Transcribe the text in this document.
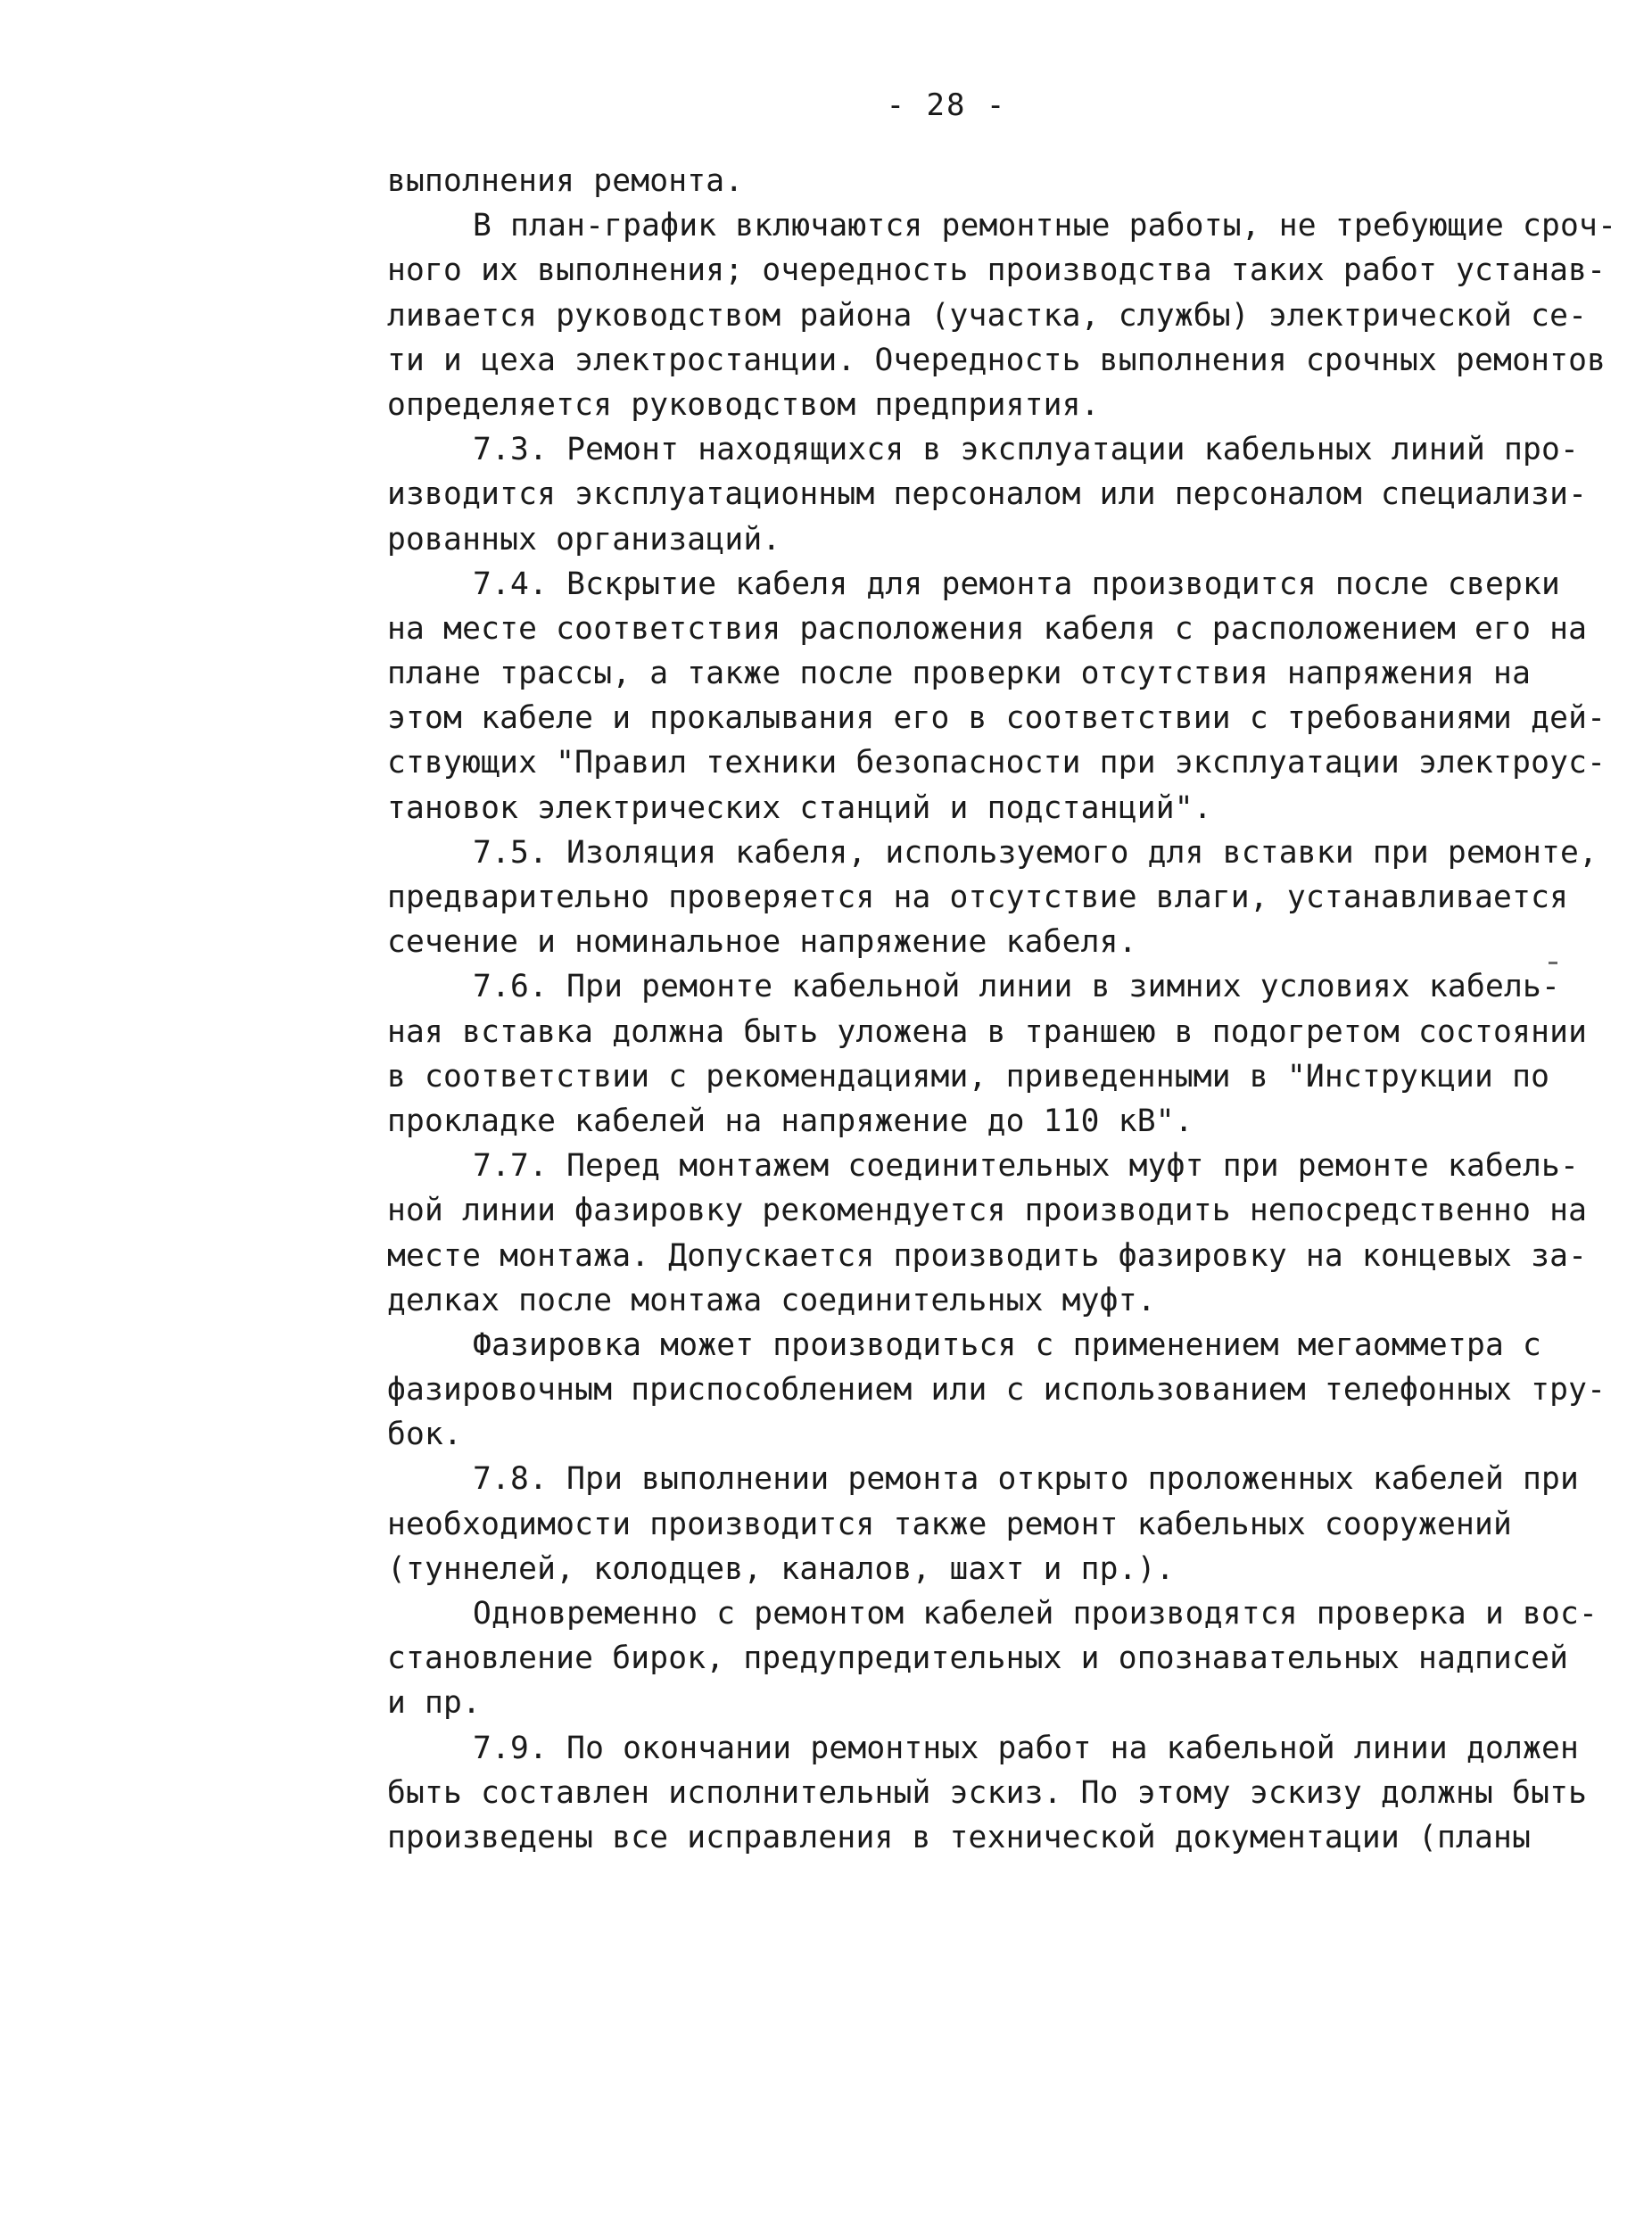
- 28 -
выполнения ремонта.
В план-график включаются ремонтные работы, не требующие сроч-
ного их выполнения; очередность производства таких работ устанав-
ливается руководством района (участка, службы) электрической се-
ти и цеха электростанции. Очередность выполнения срочных ремонтов
определяется руководством предприятия.
7.3. Ремонт находящихся в эксплуатации кабельных линий про-
изводится эксплуатационным персоналом или персоналом специализи-
рованных организаций.
7.4. Вскрытие кабеля для ремонта производится после сверки
на месте соответствия расположения кабеля с расположением его на
плане трассы, а также после проверки отсутствия напряжения на
этом кабеле и прокалывания его в соответствии с требованиями дей-
ствующих "Правил техники безопасности при эксплуатации электроус-
тановок электрических станций и подстанций".
7.5. Изоляция кабеля, используемого для вставки при ремонте,
предварительно проверяется на отсутствие влаги, устанавливается
сечение и номинальное напряжение кабеля.
7.6. При ремонте кабельной линии в зимних условиях кабель-
ная вставка должна быть уложена в траншею в подогретом состоянии
в соответствии с рекомендациями, приведенными в "Инструкции по
прокладке кабелей на напряжение до 110 кВ".
7.7. Перед монтажем соединительных муфт при ремонте кабель-
ной линии фазировку рекомендуется производить непосредственно на
месте монтажа. Допускается производить фазировку на концевых за-
делках после монтажа соединительных муфт.
Фазировка может производиться с применением мегаомметра с
фазировочным приспособлением или с использованием телефонных тру-
бок.
7.8. При выполнении ремонта открыто проложенных кабелей при
необходимости производится также ремонт кабельных сооружений
(туннелей, колодцев, каналов, шахт и пр.).
Одновременно с ремонтом кабелей производятся проверка и вос-
становление бирок, предупредительных и опознавательных надписей
и пр.
7.9. По окончании ремонтных работ на кабельной линии должен
быть составлен исполнительный эскиз. По этому эскизу должны быть
произведены все исправления в технической документации (планы
